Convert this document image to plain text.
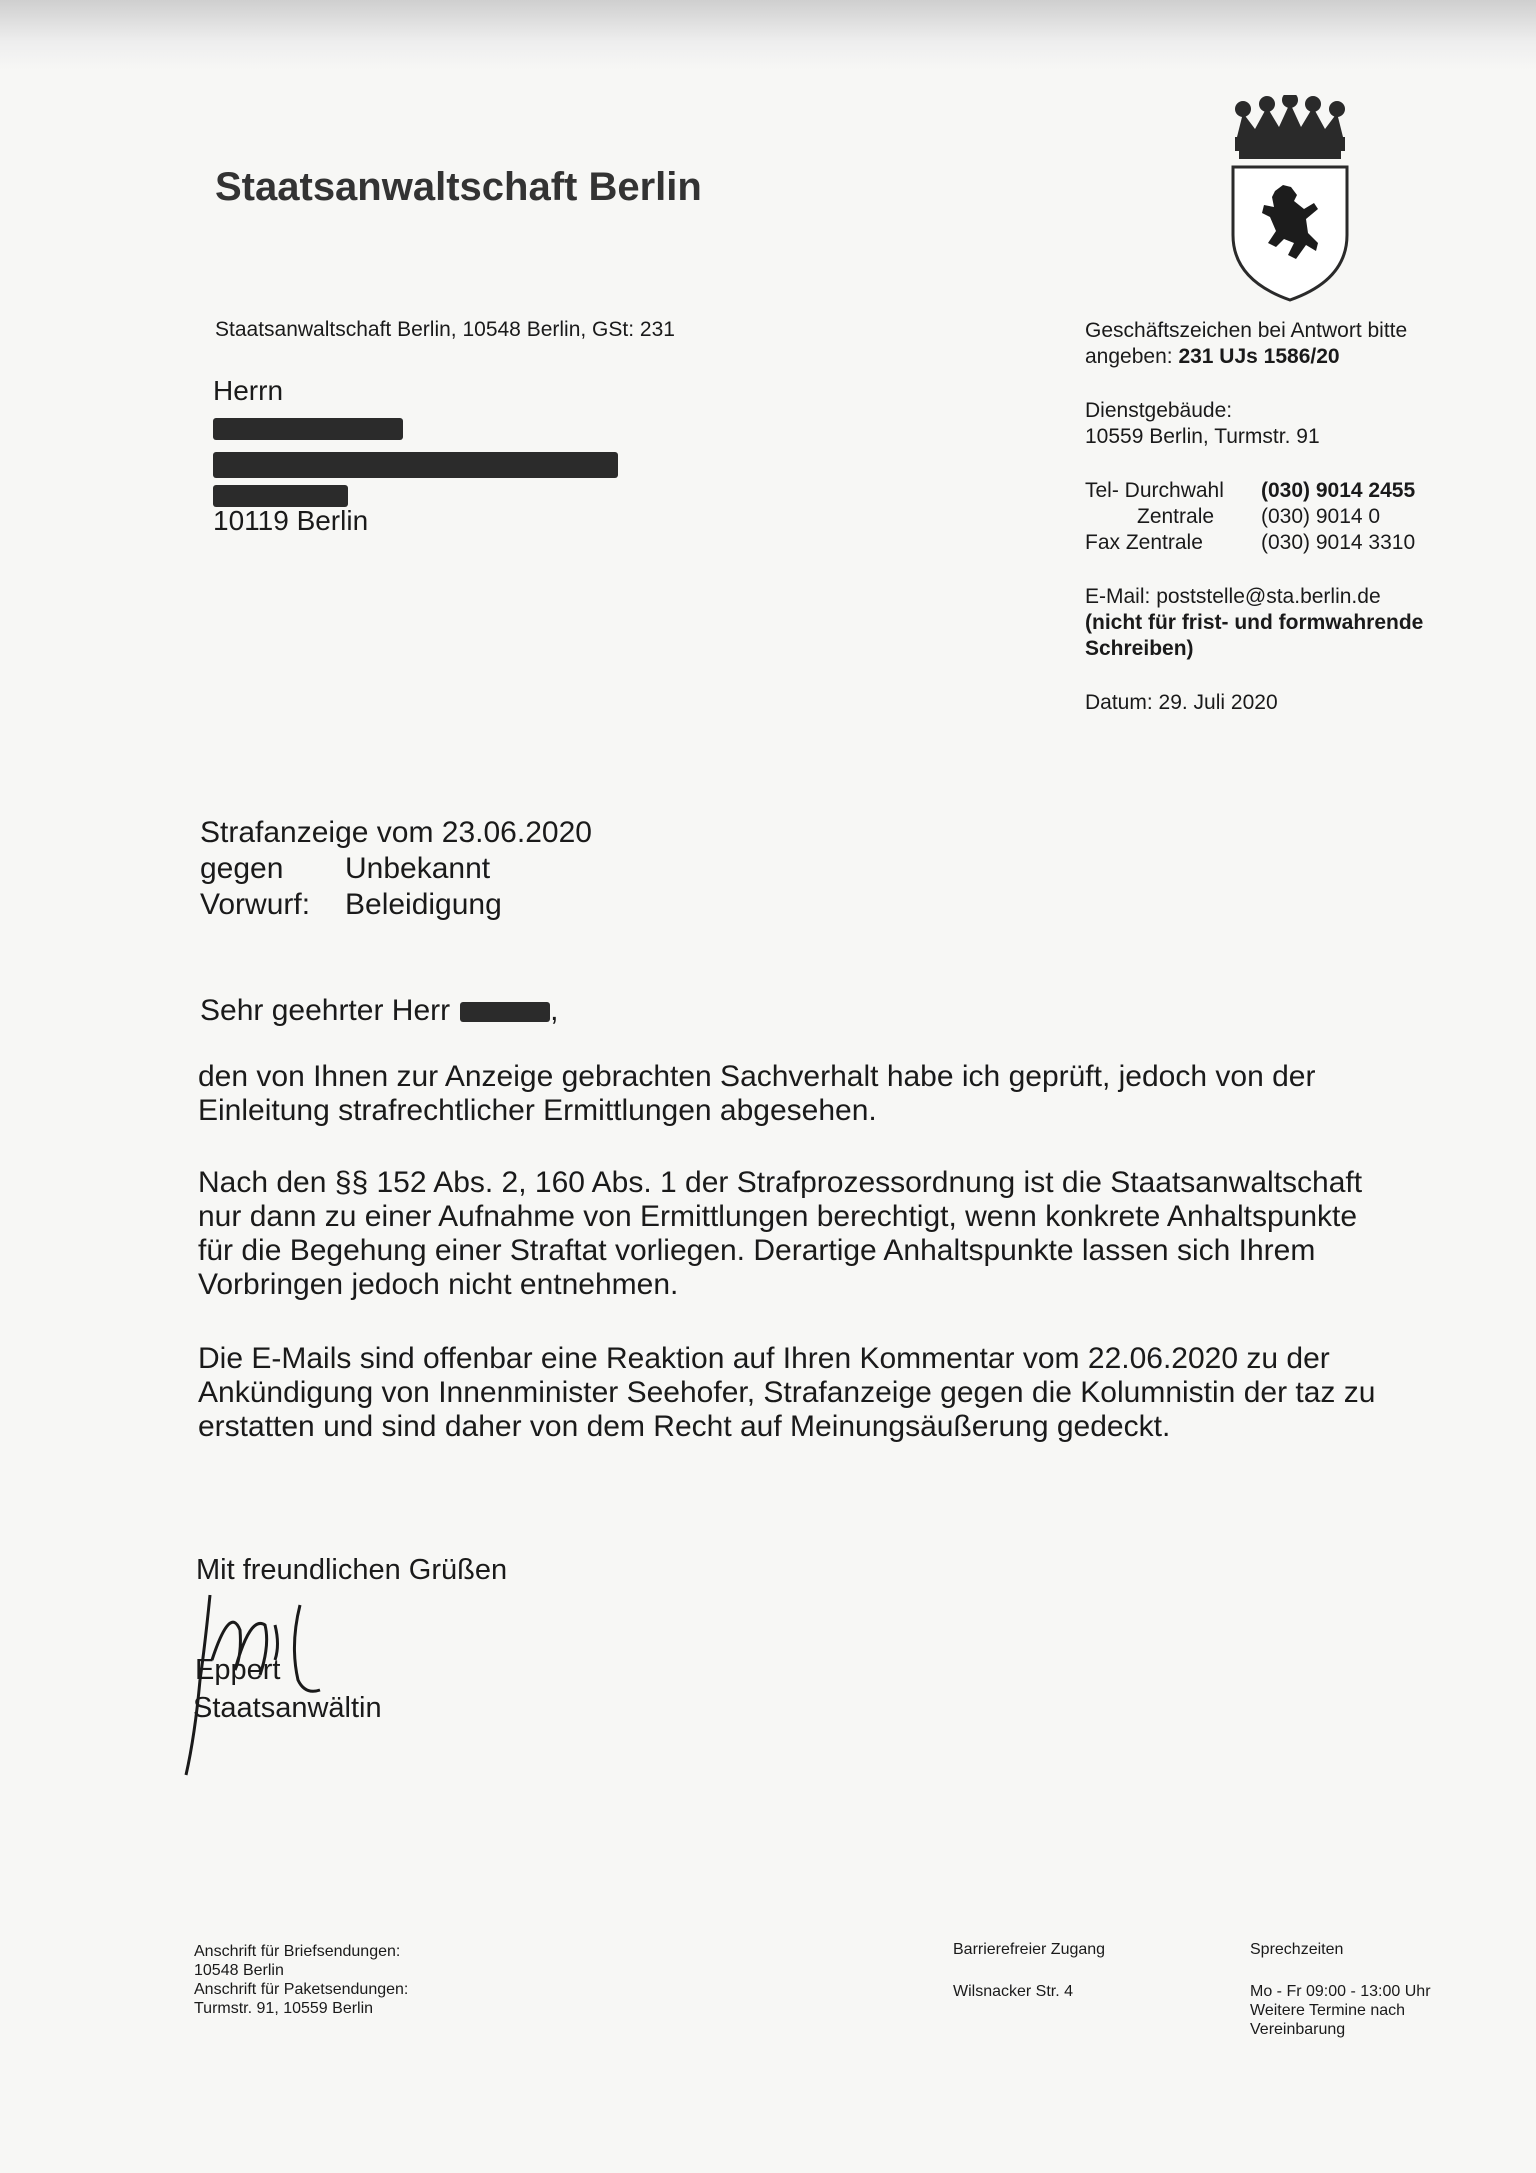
Staatsanwaltschaft Berlin
Staatsanwaltschaft Berlin, 10548 Berlin, GSt: 231
Herrn
10119 Berlin
Geschäftszeichen bei Antwort bitte
angeben: 231 UJs 1586/20
Dienstgebäude:
10559 Berlin, Turmstr. 91
Tel- Durchwahl (030) 9014 2455
Zentrale (030) 9014 0
Fax Zentrale	(030) 9014 3310
E-Mail: poststelle@sta.berlin.de
(nicht für frist- und formwahrende
Schreiben)
Datum: 29. Juli 2020
Strafanzeige vom 23.06.2020
gegen Unbekannt
Vorwurf: Beleidigung
Sehr geehrter Herr	,

den von Ihnen zur Anzeige gebrachten Sachverhalt habe ich geprüft, jedoch von der

Einleitung strafrechtlicher Ermittlungen abgesehen.

Nach den §§ 152 Abs. 2, 160 Abs. 1 der Strafprozessordnung ist die Staatsanwaltschaft

nur dann zu einer Aufnahme von Ermittlungen berechtigt, wenn konkrete Anhaltspunkte

für die Begehung einer Straftat vorliegen. Derartige Anhaltspunkte lassen sich Ihrem

Vorbringen jedoch nicht entnehmen.

Die E-Mails sind offenbar eine Reaktion auf Ihren Kommentar vom 22.06.2020 zu der

Ankündigung von Innenminister Seehofer, Strafanzeige gegen die Kolumnistin der taz zu

erstatten und sind daher von dem Recht auf Meinungsäußerung gedeckt.

Mit freundlichen Grüßen
Eppert
Staatsanwältin
Anschrift für Briefsendungen:
10548 Berlin
Anschrift für Paketsendungen:
Turmstr. 91, 10559 Berlin
Barrierefreier Zugang
Wilsnacker Str. 4
Sprechzeiten
Mo - Fr 09:00 - 13:00 Uhr
Weitere Termine nach
Vereinbarung
